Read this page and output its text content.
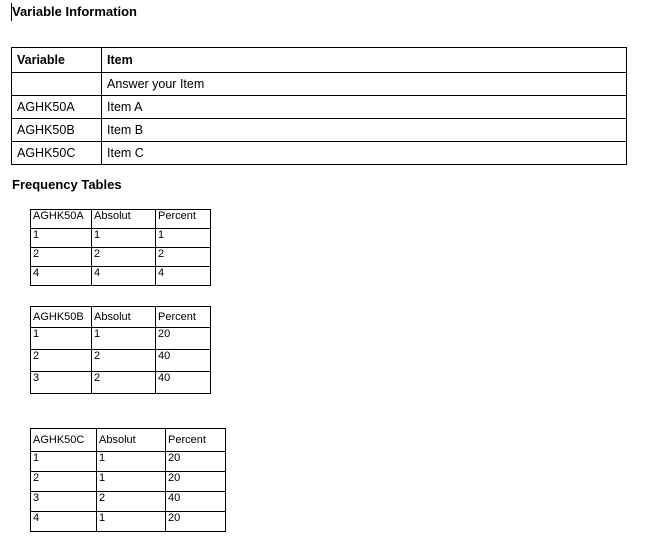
Variable Information
Variable	Item
	Answer your Item
AGHK50A	Item A
AGHK50B	Item B
AGHK50C	Item C
Frequency Tables
AGHK50A	Absolut	Percent
1	1	1
2	2	2
4	4	4
AGHK50B	Absolut	Percent
1	1	20
2	2	40
3	2	40
AGHK50C	Absolut	Percent
1	1	20
2	1	20
3	2	40
4	1	20
